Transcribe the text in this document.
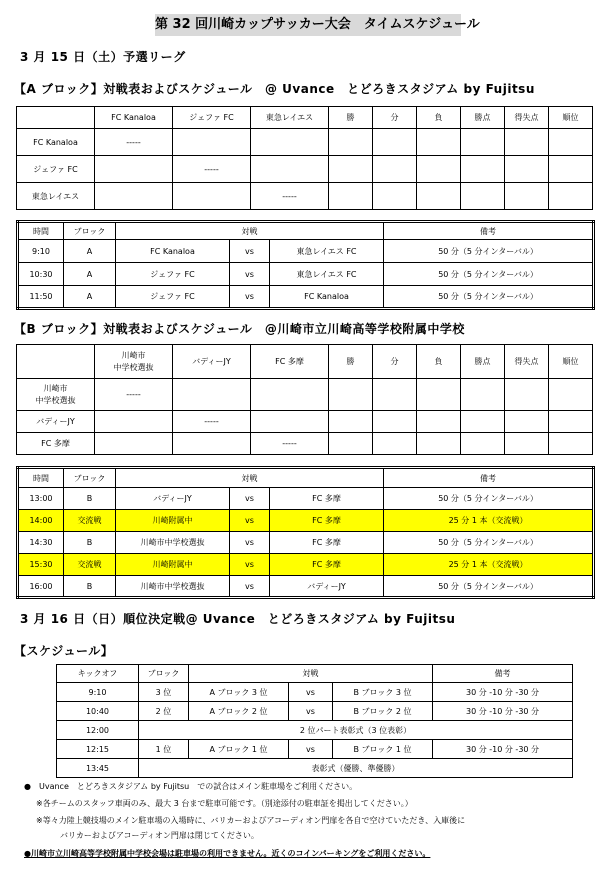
第 32 回川崎カップサッカー大会　タイムスケジュール
3 月 15 日（土）予選リーグ
【A ブロック】対戦表およびスケジュール　@ Uvance　とどろきスタジアム by Fujitsu
	FC Kanaloa	ジェファ FC	東急レイエス	勝	分	負	勝点	得失点	順位
FC Kanaloa	-----								
ジェファ FC		-----							
東急レイエス			-----						
時間	ブロック	対戦			備考
9:10	A	FC Kanaloa	vs	東急レイエス FC	50 分（5 分インターバル）
10:30	A	ジェファ FC	vs	東急レイエス FC	50 分（5 分インターバル）
11:50	A	ジェファ FC	vs	FC Kanaloa	50 分（5 分インターバル）
【B ブロック】対戦表およびスケジュール　@川崎市立川崎高等学校附属中学校
	川崎市
中学校選抜	バディーJY	FC 多摩	勝	分	負	勝点	得失点	順位
川崎市
中学校選抜	-----								
バディーJY		-----							
FC 多摩			-----						
時間	ブロック	対戦			備考
13:00	B	バディーJY	vs	FC 多摩	50 分（5 分インターバル）
14:00	交流戦	川崎附属中	vs	FC 多摩	25 分 1 本（交流戦）
14:30	B	川崎市中学校選抜	vs	FC 多摩	50 分（5 分インターバル）
15:30	交流戦	川崎附属中	vs	FC 多摩	25 分 1 本（交流戦）
16:00	B	川崎市中学校選抜	vs	バディーJY	50 分（5 分インターバル）
3 月 16 日（日）順位決定戦@ Uvance　とどろきスタジアム by Fujitsu
【スケジュール】
キックオフ	ブロック	対戦			備考
9:10	3 位	A ブロック 3 位	vs	B ブロック 3 位	30 分 -10 分 -30 分
10:40	2 位	A ブロック 2 位	vs	B ブロック 2 位	30 分 -10 分 -30 分
12:00	2 位パート表彰式（3 位表彰）				
12:15	1 位	A ブロック 1 位	vs	B ブロック 1 位	30 分 -10 分 -30 分
13:45	表彰式（優勝、準優勝）				
●　Uvance　とどろきスタジアム by Fujitsu　での試合はメイン駐車場をご利用ください。
※各チームのスタッフ車両のみ、最大 3 台まで駐車可能です。（別途添付の駐車証を掲出してください。）
※等々力陸上競技場のメイン駐車場の入場時に、バリカーおよびアコーディオン門扉を各自で空けていただき、入庫後に
バリカーおよびアコーディオン門扉は閉じてください。
●川崎市立川崎高等学校附属中学校会場は駐車場の利用できません。近くのコインパーキングをご利用ください。
